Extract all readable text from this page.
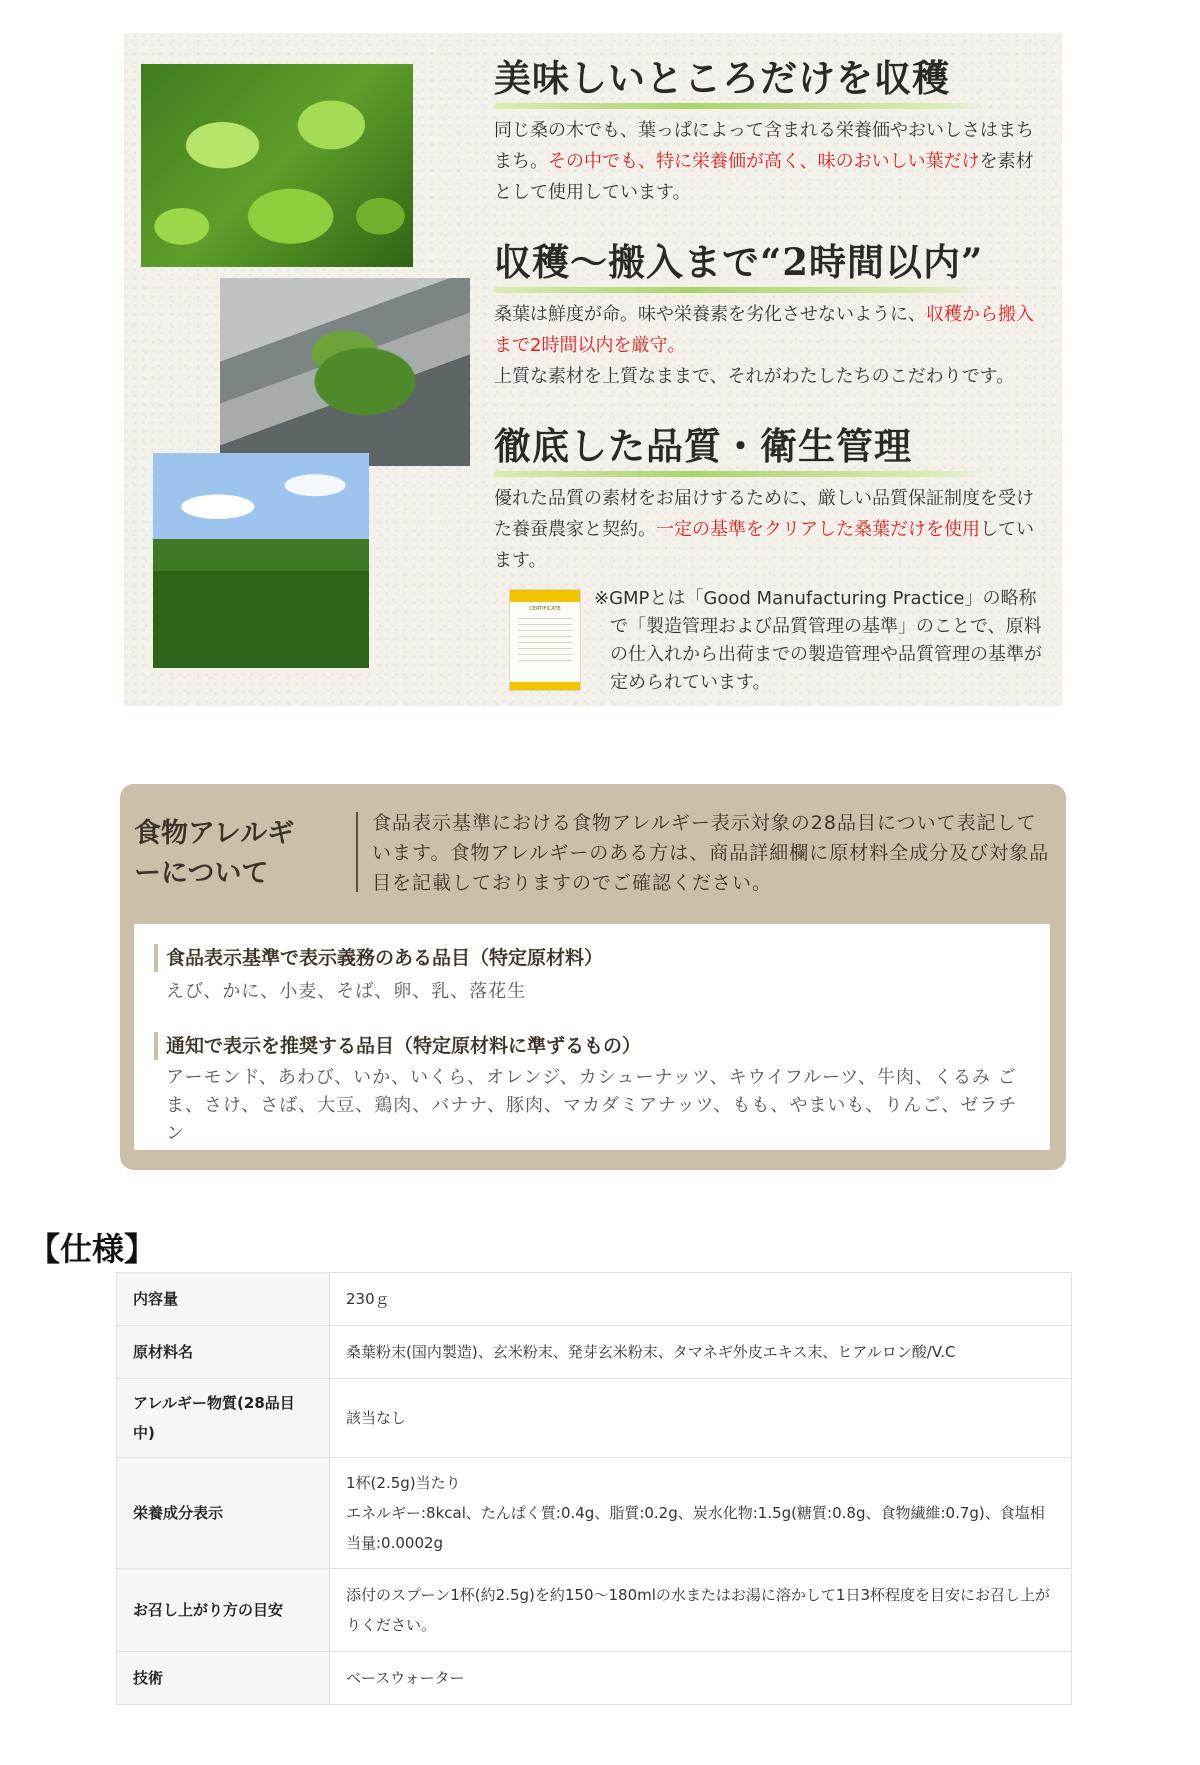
美味しいところだけを収穫
同じ桑の木でも、葉っぱによって含まれる栄養価やおいしさはまちまち。その中でも、特に栄養価が高く、味のおいしい葉だけを素材として使用しています。
収穫〜搬入まで“2時間以内”
桑葉は鮮度が命。味や栄養素を劣化させないように、収穫から搬入まで2時間以内を厳守。
上質な素材を上質なままで、それがわたしたちのこだわりです。
徹底した品質・衛生管理
優れた品質の素材をお届けするために、厳しい品質保証制度を受けた養蚕農家と契約。一定の基準をクリアした桑葉だけを使用しています。
CERTIFICATE	※GMPとは「Good Manufacturing Practice」の略称で「製造管理および品質管理の基準」のことで、原料の仕入れから出荷までの製造管理や品質管理の基準が定められています。
食物アレルギーについて

食品表示基準における食物アレルギー表示対象の28品目について表記しています。食物アレルギーのある方は、商品詳細欄に原材料全成分及び対象品目を記載しておりますのでご確認ください。

食品表示基準で表示義務のある品目（特定原材料）
えび、かに、小麦、そば、卵、乳、落花生
通知で表示を推奨する品目（特定原材料に準ずるもの）
アーモンド、あわび、いか、いくら、オレンジ、カシューナッツ、キウイフルーツ、牛肉、くるみ ごま、さけ、さば、大豆、鶏肉、バナナ、豚肉、マカダミアナッツ、もも、やまいも、りんご、ゼラチン
【仕様】
内容量	230ｇ
原材料名	桑葉粉末(国内製造)、玄米粉末、発芽玄米粉末、タマネギ外皮エキス末、ヒアルロン酸/V.C
アレルギー物質(28品目中)	該当なし
栄養成分表示	1杯(2.5g)当たり
エネルギー:8kcal、たんぱく質:0.4g、脂質:0.2g、炭水化物:1.5g(糖質:0.8g、食物繊維:0.7g)、食塩相当量:0.0002g

お召し上がり方の目安	添付のスプーン1杯(約2.5g)を約150〜180mlの水またはお湯に溶かして1日3杯程度を目安にお召し上がりください。
技術	ベースウォーター
